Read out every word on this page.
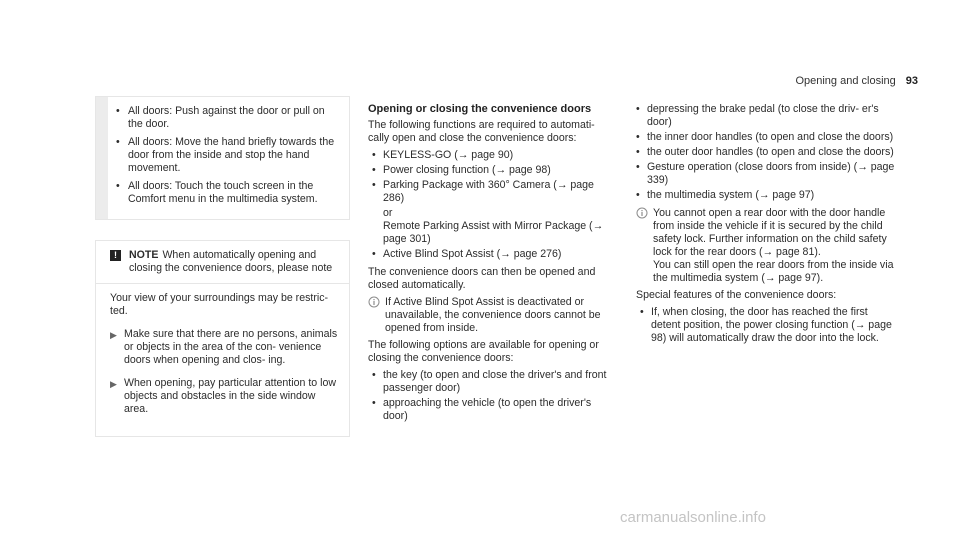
Opening and closing 93
• All doors: Push against the door or pull on the door.
• All doors: Move the hand briefly towards the door from the inside and stop the hand movement.
• All doors: Touch the touch screen in the Comfort menu in the multimedia system.
!	NOTE When automatically opening and closing the convenience doors, please note

Your view of your surroundings may be restric- ted.

▶ Make sure that there are no persons, animals or objects in the area of the con- venience doors when opening and clos- ing.
▶ When opening, pay particular attention to low objects and obstacles in the side window area.
Opening or closing the convenience doors

The following functions are required to automati- cally open and close the convenience doors:

• KEYLESS-GO (→ page 90)
• Power closing function (→ page 98)
• Parking Package with 360° Camera (→ page 286)
or
Remote Parking Assist with Mirror Package (→ page 301)
• Active Blind Spot Assist (→ page 276)

The convenience doors can then be opened and closed automatically.

If Active Blind Spot Assist is deactivated or unavailable, the convenience doors cannot be opened from inside.

The following options are available for opening or closing the convenience doors:

• the key (to open and close the driver's and front passenger door)
• approaching the vehicle (to open the driver's door)
• depressing the brake pedal (to close the driv- er's door)
• the inner door handles (to open and close the doors)
• the outer door handles (to open and close the doors)
• Gesture operation (close doors from inside) (→ page 339)
• the multimedia system (→ page 97)
You cannot open a rear door with the door handle from inside the vehicle if it is secured by the child safety lock. Further information on the child safety lock for the rear doors (→ page 81).
You can still open the rear doors from the inside via the multimedia system (→ page 97).

Special features of the convenience doors:

• If, when closing, the door has reached the first detent position, the power closing function (→ page 98) will automatically draw the door into the lock.
carmanualsonline.info
